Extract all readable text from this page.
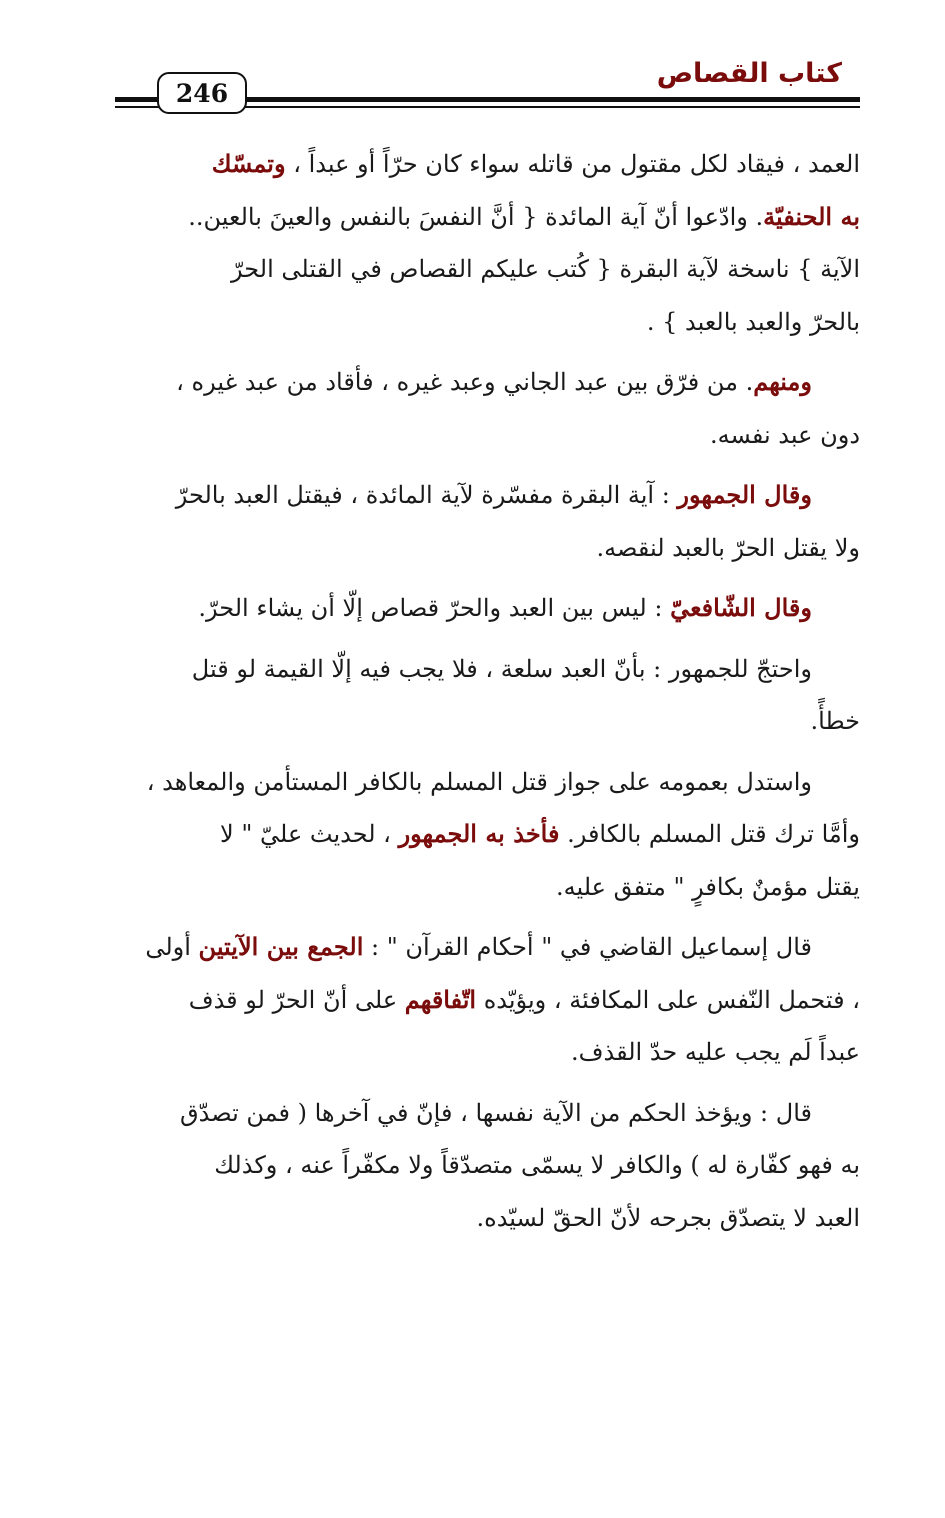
كتاب القصاص
246
العمد ، فيقاد لكل مقتول من قاتله سواء كان حرّاً أو عبداً ، وتمسّك
به الحنفيّة. وادّعوا أنّ آية المائدة { أنَّ النفسَ بالنفس والعينَ بالعين..
الآية } ناسخة لآية البقرة { كُتب عليكم القصاص في القتلى الحرّ
بالحرّ والعبد بالعبد } .
ومنهم. من فرّق بين عبد الجاني وعبد غيره ، فأقاد من عبد غيره ،
دون عبد نفسه.
وقال الجمهور : آية البقرة مفسّرة لآية المائدة ، فيقتل العبد بالحرّ
ولا يقتل الحرّ بالعبد لنقصه.
وقال الشّافعيّ : ليس بين العبد والحرّ قصاص إلّا أن يشاء الحرّ.
واحتجّ للجمهور : بأنّ العبد سلعة ، فلا يجب فيه إلّا القيمة لو قتل
خطأً.
واستدل بعمومه على جواز قتل المسلم بالكافر المستأمن والمعاهد ،
وأمَّا ترك قتل المسلم بالكافر. فأخذ به الجمهور ، لحديث عليّ " لا
يقتل مؤمنٌ بكافرٍ " متفق عليه.
قال إسماعيل القاضي في " أحكام القرآن " : الجمع بين الآيتين أولى
، فتحمل النّفس على المكافئة ، ويؤيّده اتّفاقهم على أنّ الحرّ لو قذف
عبداً لَم يجب عليه حدّ القذف.
قال : ويؤخذ الحكم من الآية نفسها ، فإنّ في آخرها ( فمن تصدّق
به فهو كفّارة له ) والكافر لا يسمّى متصدّقاً ولا مكفّراً عنه ، وكذلك
العبد لا يتصدّق بجرحه لأنّ الحقّ لسيّده.
